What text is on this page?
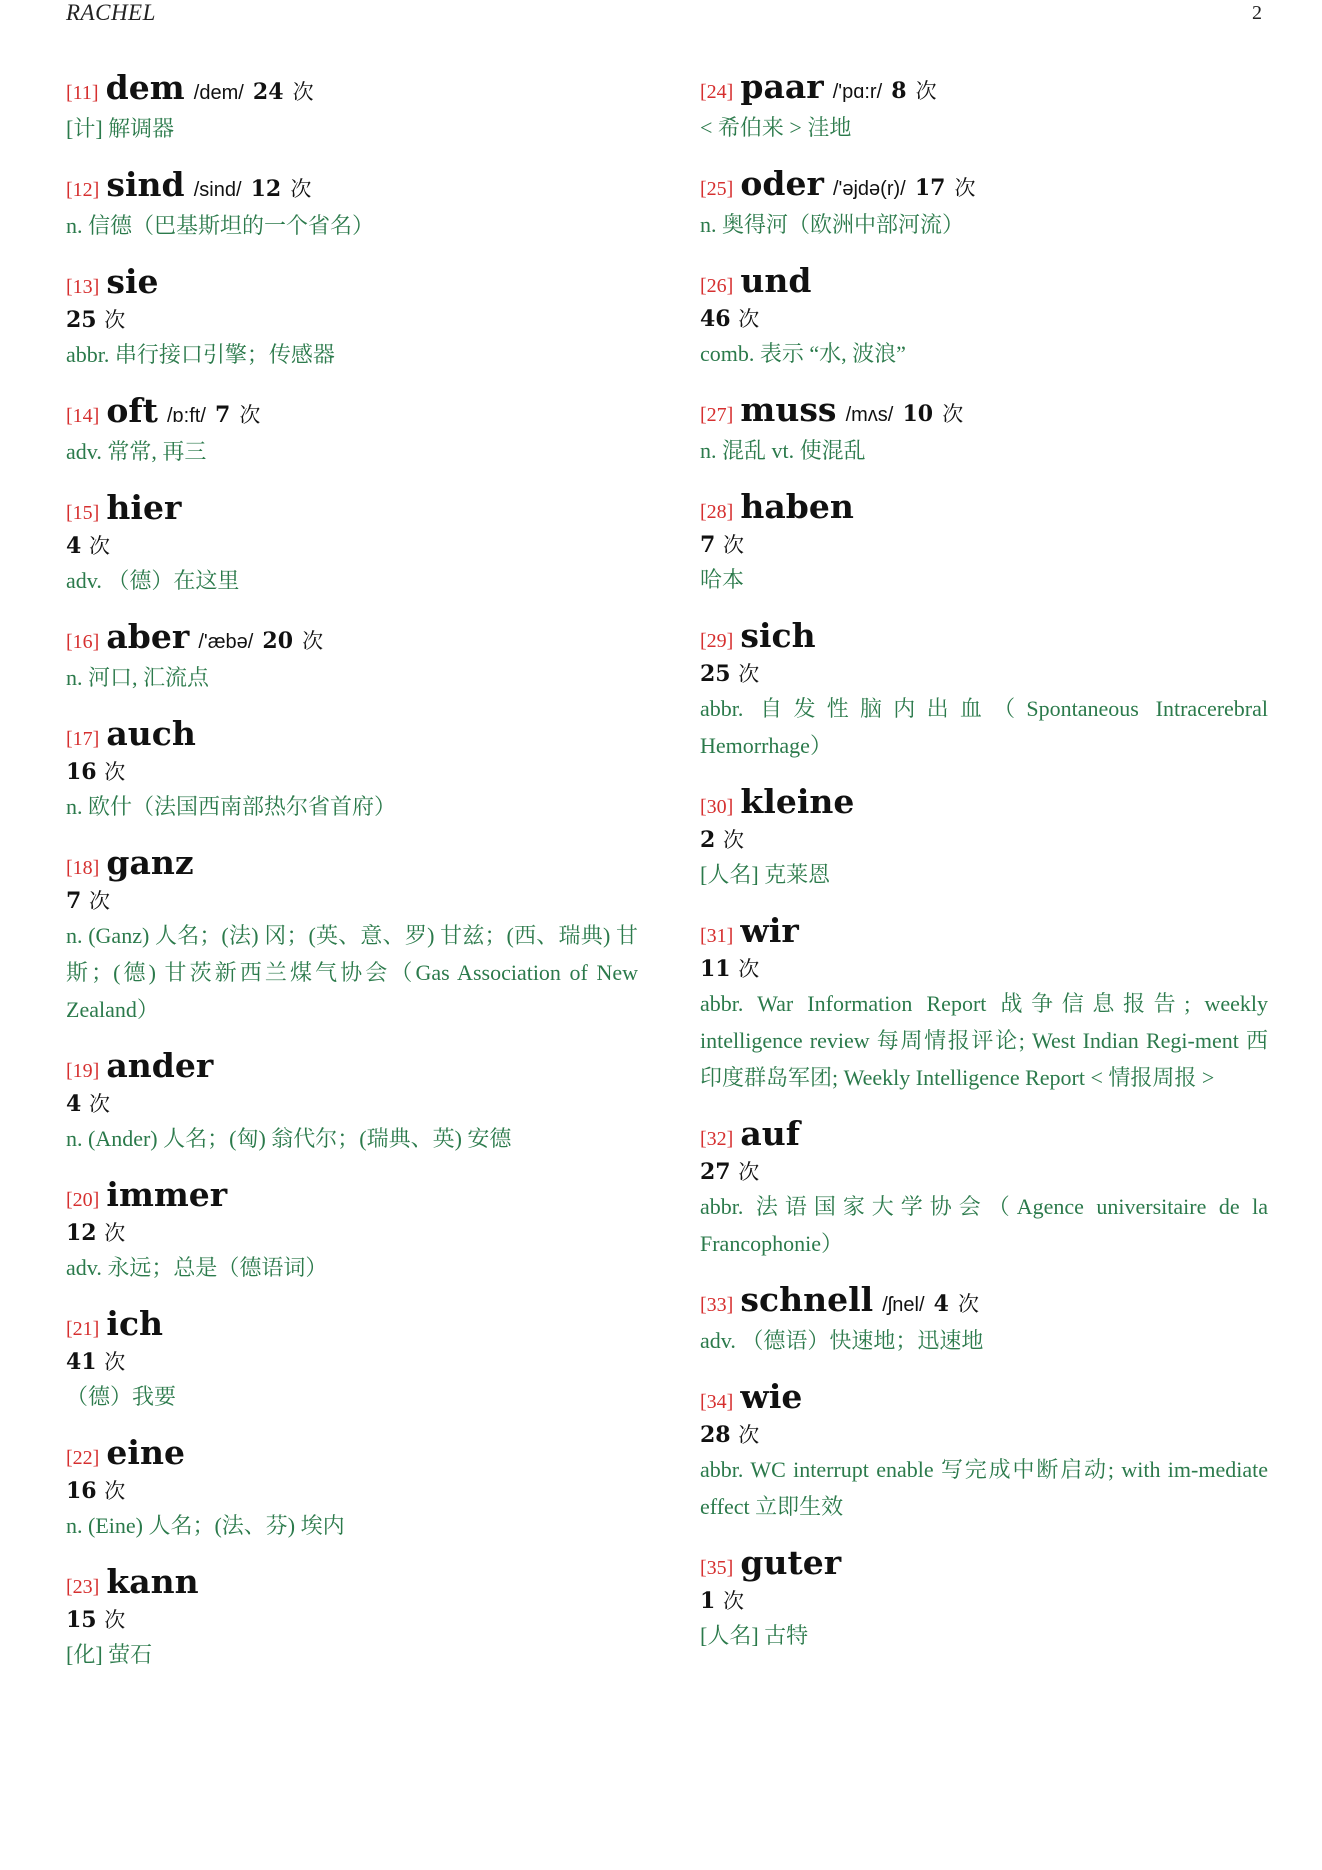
RACHEL	2
[11] dem /dem/ 24 次
[计] 解调器
[12] sind /sind/ 12 次
n. 信德（巴基斯坦的一个省名）
[13] sie
25 次
abbr. 串行接口引擎；传感器
[14] oft /ɒ:ft/ 7 次
adv. 常常, 再三
[15] hier
4 次
adv. （德）在这里
[16] aber /'æbə/ 20 次
n. 河口, 汇流点
[17] auch
16 次
n. 欧什（法国西南部热尔省首府）
[18] ganz
7 次
n. (Ganz) 人名；(法) 冈；(英、意、罗) 甘兹；(西、瑞典) 甘斯；(德) 甘茨新西兰煤气协会（Gas Association of New Zealand）
[19] ander
4 次
n. (Ander) 人名；(匈) 翁代尔；(瑞典、英) 安德
[20] immer
12 次
adv. 永远；总是（德语词）
[21] ich
41 次
（德）我要
[22] eine
16 次
n. (Eine) 人名；(法、芬) 埃内
[23] kann
15 次
[化] 萤石
[24] paar /'pɑ:r/ 8 次
< 希伯来 > 洼地
[25] oder /'əjdə(r)/ 17 次
n. 奥得河（欧洲中部河流）
[26] und
46 次
comb. 表示 “水, 波浪”
[27] muss /mʌs/ 10 次
n. 混乱 vt. 使混乱
[28] haben
7 次
哈本
[29] sich
25 次
abbr. 自发性脑内出血（Spontaneous Intracerebral Hemorrhage）
[30] kleine
2 次
[人名] 克莱恩
[31] wir
11 次
abbr. War Information Report 战争信息报告; weekly intelligence review 每周情报评论; West Indian Regi-ment 西印度群岛军团; Weekly Intelligence Report < 情报周报 >
[32] auf
27 次
abbr. 法语国家大学协会（Agence universitaire de la Francophonie）
[33] schnell /ʃnel/ 4 次
adv. （德语）快速地；迅速地
[34] wie
28 次
abbr. WC interrupt enable 写完成中断启动; with im-mediate effect 立即生效
[35] guter
1 次
[人名] 古特
